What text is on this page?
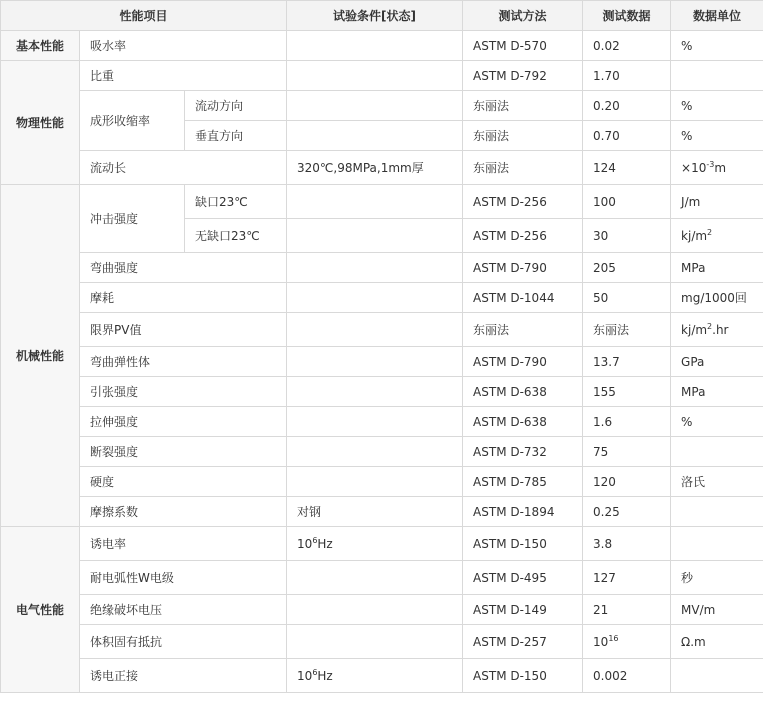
性能项目			试验条件[状态]	测试方法	测试数据	数据单位
基本性能	吸水率			ASTM D-570	0.02	%
物理性能	比重			ASTM D-792	1.70	
	成形收缩率	流动方向		东丽法	0.20	%
		垂直方向		东丽法	0.70	%
	流动长		320℃,98MPa,1mm厚	东丽法	124	$\times 10^{-3}m$
机械性能	冲击强度	缺口23℃		ASTM D-256	100	J/m
		无缺口23℃		ASTM D-256	30	$kj/m^2$
	弯曲强度			ASTM D-790	205	MPa
	摩耗			ASTM D-1044	50	mg/1000回
	限界PV值			东丽法	东丽法	$kj/m^2.hr$
	弯曲弹性体			ASTM D-790	13.7	GPa
	引张强度			ASTM D-638	155	MPa
	拉伸强度			ASTM D-638	1.6	%
	断裂强度			ASTM D-732	75	
	硬度			ASTM D-785	120	洛氏
	摩擦系数		对钢	ASTM D-1894	0.25	
电气性能	诱电率		$10^6Hz$	ASTM D-150	3.8	
	耐电弧性W电级			ASTM D-495	127	秒
	绝缘破坏电压			ASTM D-149	21	MV/m
	体积固有抵抗			ASTM D-257	$10^{16}$	Ω.m
	诱电正接		$10^6Hz$	ASTM D-150	0.002	
